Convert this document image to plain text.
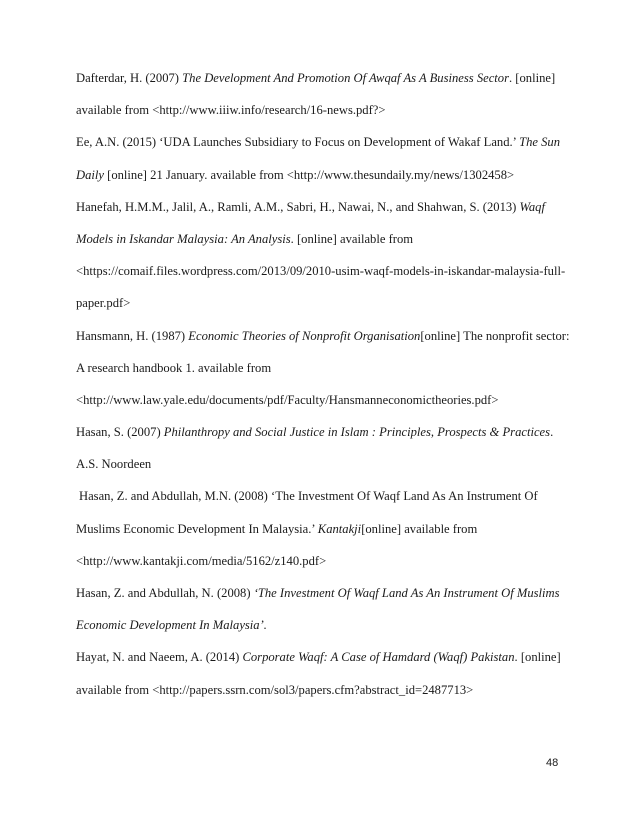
Dafterdar, H. (2007) The Development And Promotion Of Awqaf As A Business Sector. [online]
available from <http://www.iiiw.info/research/16-news.pdf?>
Ee, A.N. (2015) ‘UDA Launches Subsidiary to Focus on Development of Wakaf Land.’ The Sun
Daily [online] 21 January. available from <http://www.thesundaily.my/news/1302458>
Hanefah, H.M.M., Jalil, A., Ramli, A.M., Sabri, H., Nawai, N., and Shahwan, S. (2013) Waqf
Models in Iskandar Malaysia: An Analysis. [online] available from
<https://comaif.files.wordpress.com/2013/09/2010-usim-waqf-models-in-iskandar-malaysia-full-
paper.pdf>
Hansmann, H. (1987) Economic Theories of Nonprofit Organisation[online] The nonprofit sector:
A research handbook 1. available from
<http://www.law.yale.edu/documents/pdf/Faculty/Hansmanneconomictheories.pdf>
Hasan, S. (2007) Philanthropy and Social Justice in Islam : Principles, Prospects & Practices.
A.S. Noordeen
Hasan, Z. and Abdullah, M.N. (2008) ‘The Investment Of Waqf Land As An Instrument Of
Muslims Economic Development In Malaysia.’ Kantakji[online] available from
<http://www.kantakji.com/media/5162/z140.pdf>
Hasan, Z. and Abdullah, N. (2008) ‘The Investment Of Waqf Land As An Instrument Of Muslims
Economic Development In Malaysia’.
Hayat, N. and Naeem, A. (2014) Corporate Waqf: A Case of Hamdard (Waqf) Pakistan. [online]
available from <http://papers.ssrn.com/sol3/papers.cfm?abstract_id=2487713>
48
